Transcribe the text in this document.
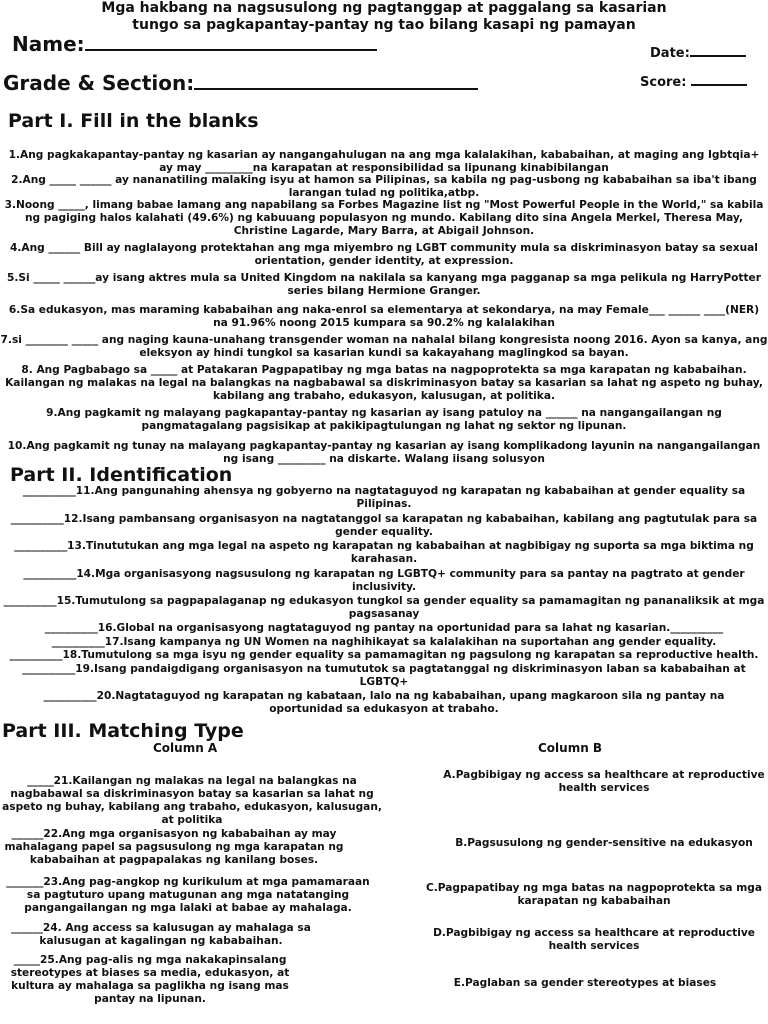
Mga hakbang na nagsusulong ng pagtanggap at paggalang sa kasarian
tungo sa pagkapantay-pantay ng tao bilang kasapi ng pamayan
Name:	Date:
Grade & Section:	Score:
Part I. Fill in the blanks
1.Ang pagkakapantay-pantay ng kasarian ay nangangahulugan na ang mga kalalakihan, kababaihan, at maging ang Igbtqia+ ay may _________na karapatan at responsibilidad sa lipunang kinabibilangan
2.Ang _____ ______ ay nananatiling malaking isyu at hamon sa Pilipinas, sa kabila ng pag-usbong ng kababaihan sa iba't ibang larangan tulad ng politika,atbp.
3.Noong _____, limang babae lamang ang napabilang sa Forbes Magazine list ng "Most Powerful People in the World," sa kabila ng pagiging halos kalahati (49.6%) ng kabuuang populasyon ng mundo. Kabilang dito sina Angela Merkel, Theresa May, Christine Lagarde, Mary Barra, at Abigail Johnson.
4.Ang ______ Bill ay naglalayong protektahan ang mga miyembro ng LGBT community mula sa diskriminasyon batay sa sexual orientation, gender identity, at expression.
5.Si _____ ______ay isang aktres mula sa United Kingdom na nakilala sa kanyang mga pagganap sa mga pelikula ng HarryPotter series bilang Hermione Granger.
6.Sa edukasyon, mas maraming kababaihan ang naka-enrol sa elementarya at sekondarya, na may Female___ ______ ____(NER) na 91.96% noong 2015 kumpara sa 90.2% ng kalalakihan
7.si ________ _____ ang naging kauna-unahang transgender woman na nahalal bilang kongresista noong 2016. Ayon sa kanya, ang eleksyon ay hindi tungkol sa kasarian kundi sa kakayahang maglingkod sa bayan.
8. Ang Pagbabago sa _____ at Patakaran Pagpapatibay ng mga batas na nagpoprotekta sa mga karapatan ng kababaihan. Kailangan ng malakas na legal na balangkas na nagbabawal sa diskriminasyon batay sa kasarian sa lahat ng aspeto ng buhay, kabilang ang trabaho, edukasyon, kalusugan, at politika.
9.Ang pagkamit ng malayang pagkapantay-pantay ng kasarian ay isang patuloy na ______ na nangangailangan ng pangmatagalang pagsisikap at pakikipagtulungan ng lahat ng sektor ng lipunan.
10.Ang pagkamit ng tunay na malayang pagkapantay-pantay ng kasarian ay isang komplikadong layunin na nangangailangan ng isang _________ na diskarte. Walang iisang solusyon
Part II. Identification
__________11.Ang pangunahing ahensya ng gobyerno na nagtataguyod ng karapatan ng kababaihan at gender equality sa Pilipinas.
__________12.Isang pambansang organisasyon na nagtatanggol sa karapatan ng kababaihan, kabilang ang pagtutulak para sa gender equality.
__________13.Tinututukan ang mga legal na aspeto ng karapatan ng kababaihan at nagbibigay ng suporta sa mga biktima ng karahasan.
__________14.Mga organisasyong nagsusulong ng karapatan ng LGBTQ+ community para sa pantay na pagtrato at gender inclusivity.
__________15.Tumutulong sa pagpapalaganap ng edukasyon tungkol sa gender equality sa pamamagitan ng pananaliksik at mga pagsasanay
__________16.Global na organisasyong nagtataguyod ng pantay na oportunidad para sa lahat ng kasarian.__________
__________17.Isang kampanya ng UN Women na naghihikayat sa kalalakihan na suportahan ang gender equality.
__________18.Tumutulong sa mga isyu ng gender equality sa pamamagitan ng pagsulong ng karapatan sa reproductive health.
__________19.Isang pandaigdigang organisasyon na tumututok sa pagtatanggal ng diskriminasyon laban sa kababaihan at LGBTQ+
__________20.Nagtataguyod ng karapatan ng kabataan, lalo na ng kababaihan, upang magkaroon sila ng pantay na oportunidad sa edukasyon at trabaho.
Part III. Matching Type
Column A	Column B
_____21.Kailangan ng malakas na legal na balangkas na nagbabawal sa diskriminasyon batay sa kasarian sa lahat ng aspeto ng buhay, kabilang ang trabaho, edukasyon, kalusugan, at politika
______22.Ang mga organisasyon ng kababaihan ay may mahalagang papel sa pagsusulong ng mga karapatan ng kababaihan at pagpapalakas ng kanilang boses.
_______23.Ang pag-angkop ng kurikulum at mga pamamaraan sa pagtuturo upang matugunan ang mga natatanging pangangailangan ng mga lalaki at babae ay mahalaga.
______24. Ang access sa kalusugan ay mahalaga sa kalusugan at kagalingan ng kababaihan.
_____25.Ang pag-alis ng mga nakakapinsalang stereotypes at biases sa media, edukasyon, at kultura ay mahalaga sa paglikha ng isang mas pantay na lipunan.
A.Pagbibigay ng access sa healthcare at reproductive health services
B.Pagsusulong ng gender-sensitive na edukasyon
C.Pagpapatibay ng mga batas na nagpoprotekta sa mga karapatan ng kababaihan
D.Pagbibigay ng access sa healthcare at reproductive health services
E.Paglaban sa gender stereotypes at biases
